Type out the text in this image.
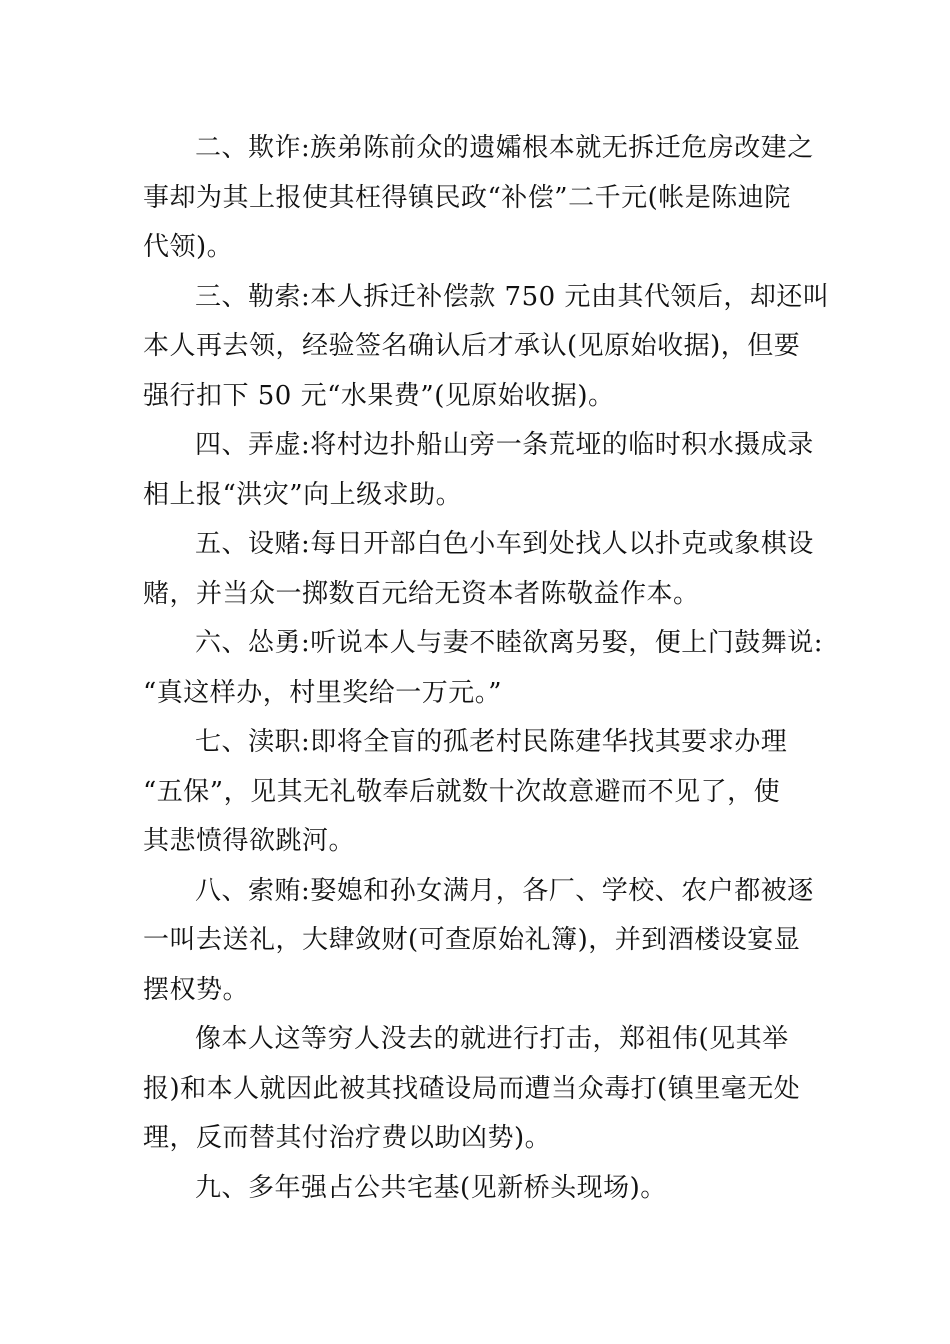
二、欺诈:族弟陈前众的遗孀根本就无拆迁危房改建之
事却为其上报使其枉得镇民政“补偿”二千元(帐是陈迪院
代领)。

三、勒索:本人拆迁补偿款 750 元由其代领后，却还叫
本人再去领，经验签名确认后才承认(见原始收据)，但要
强行扣下 50 元“水果费”(见原始收据)。

四、弄虚:将村边扑船山旁一条荒垭的临时积水摄成录
相上报“洪灾”向上级求助。

五、设赌:每日开部白色小车到处找人以扑克或象棋设
赌，并当众一掷数百元给无资本者陈敬益作本。

六、怂勇:听说本人与妻不睦欲离另娶，便上门鼓舞说:
“真这样办，村里奖给一万元。”

七、渎职:即将全盲的孤老村民陈建华找其要求办理
“五保”，见其无礼敬奉后就数十次故意避而不见了，使
其悲愤得欲跳河。

八、索贿:娶媳和孙女满月，各厂、学校、农户都被逐
一叫去送礼，大肆敛财(可查原始礼簿)，并到酒楼设宴显
摆权势。

像本人这等穷人没去的就进行打击，郑祖伟(见其举
报)和本人就因此被其找碴设局而遭当众毒打(镇里毫无处
理，反而替其付治疗费以助凶势)。

九、多年强占公共宅基(见新桥头现场)。
